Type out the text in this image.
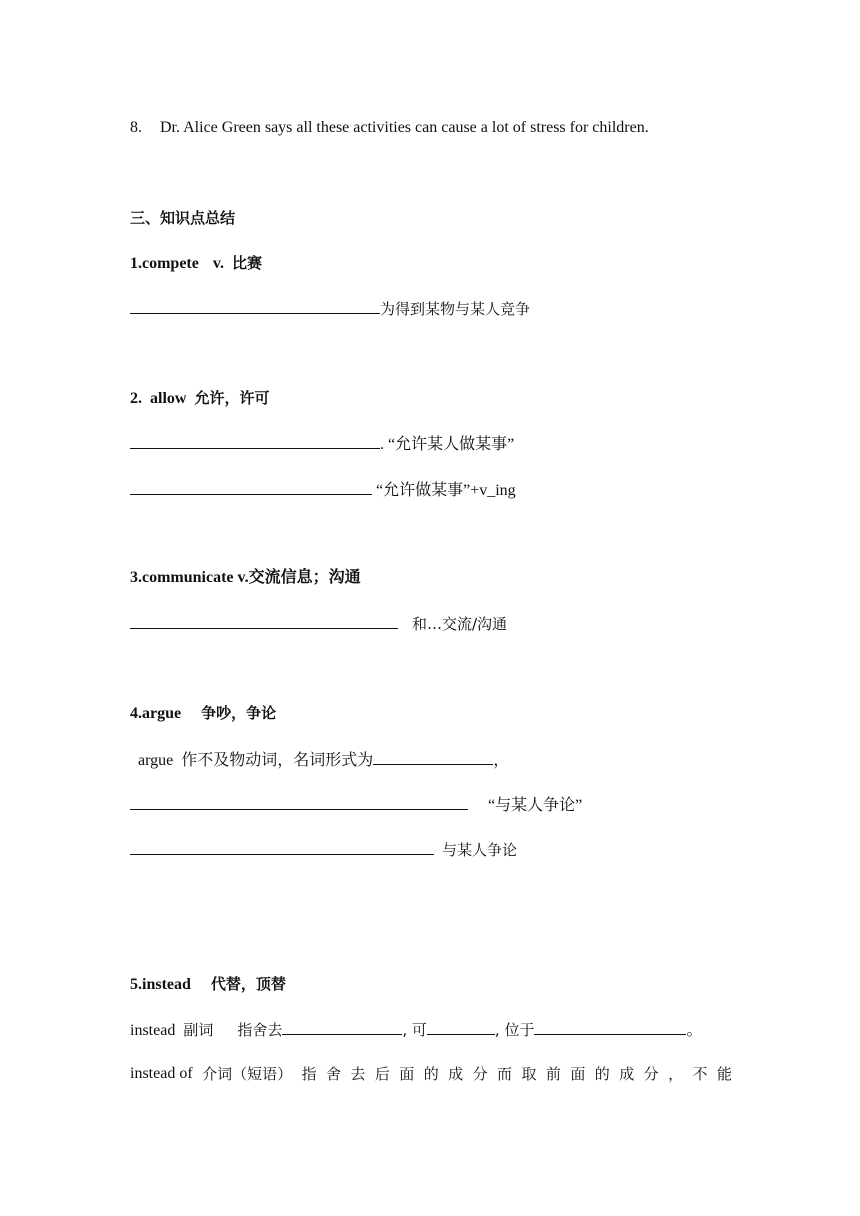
8. Dr. Alice Green says all these activities can cause a lot of stress for children.
三、知识点总结
1.compete v. 比赛
为得到某物与某人竞争
2.  allow 允许，许可
. “允许某人做某事”
“允许做某事”+v_ing
3.communicate v.交流信息；沟通
和…交流/沟通
4.argue 争吵，争论
argue  作不及物动词，名词形式为	，
“与某人争论”
与某人争论
5.instead 代替，顶替
instead 副词 指舍去	, 可	, 位于	。
instead of 介词（短语） 指 舍 去 后 面 的 成 分 而 取 前 面 的 成 分 ， 不 能
